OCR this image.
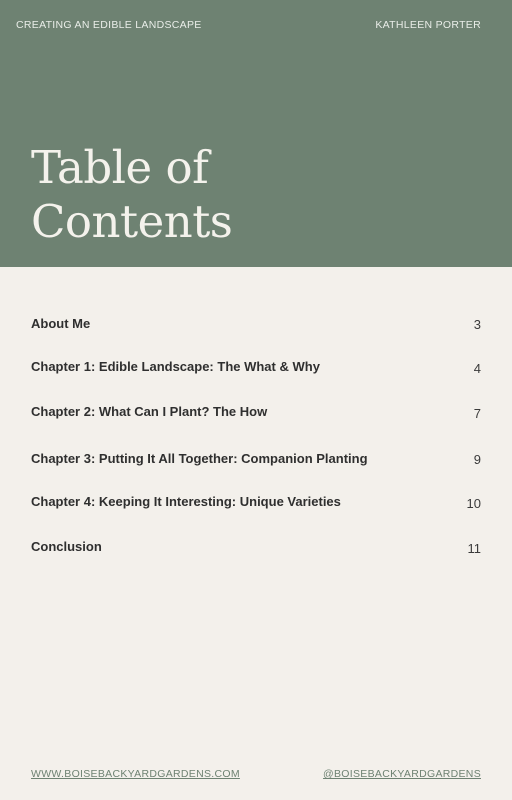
CREATING AN EDIBLE LANDSCAPE	KATHLEEN PORTER
Table of
Contents
About Me	3
Chapter 1: Edible Landscape: The What & Why	4
Chapter 2: What Can I Plant? The How	7
Chapter 3: Putting It All Together: Companion Planting	9
Chapter 4: Keeping It Interesting: Unique Varieties	10
Conclusion	11
WWW.BOISEBACKYARDGARDENS.COM	@BOISEBACKYARDGARDENS
